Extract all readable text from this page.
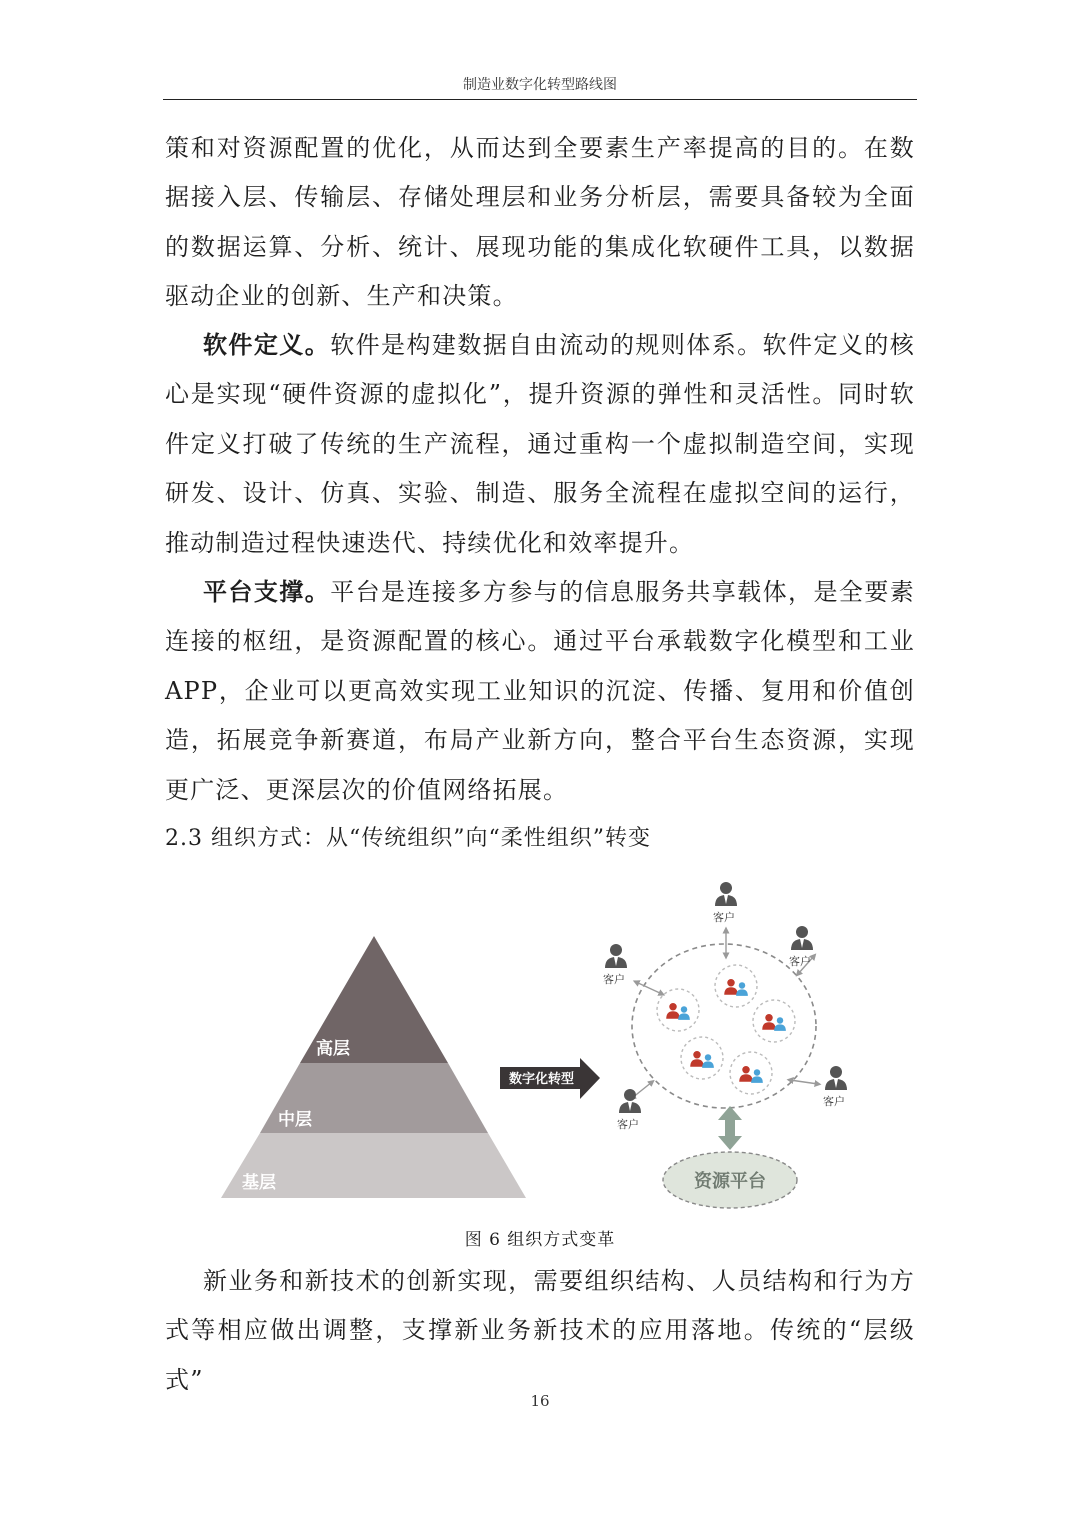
制造业数字化转型路线图

策和对资源配置的优化，从而达到全要素生产率提高的目的。在数据接入层、传输层、存储处理层和业务分析层，需要具备较为全面的数据运算、分析、统计、展现功能的集成化软硬件工具，以数据驱动企业的创新、生产和决策。

软件定义。软件是构建数据自由流动的规则体系。软件定义的核心是实现“硬件资源的虚拟化”，提升资源的弹性和灵活性。同时软件定义打破了传统的生产流程，通过重构一个虚拟制造空间，实现研发、设计、仿真、实验、制造、服务全流程在虚拟空间的运行，推动制造过程快速迭代、持续优化和效率提升。

平台支撑。平台是连接多方参与的信息服务共享载体，是全要素连接的枢纽，是资源配置的核心。通过平台承载数字化模型和工业APP，企业可以更高效实现工业知识的沉淀、传播、复用和价值创造，拓展竞争新赛道，布局产业新方向，整合平台生态资源，实现更广泛、更深层次的价值网络拓展。

2.3 组织方式：从“传统组织”向“柔性组织”转变
高层
中层
基层
数字化转型
客户
客户
客户
客户
客户
资源平台
图 6 组织方式变革

新业务和新技术的创新实现，需要组织结构、人员结构和行为方式等相应做出调整，支撑新业务新技术的应用落地。传统的“层级式”

16
